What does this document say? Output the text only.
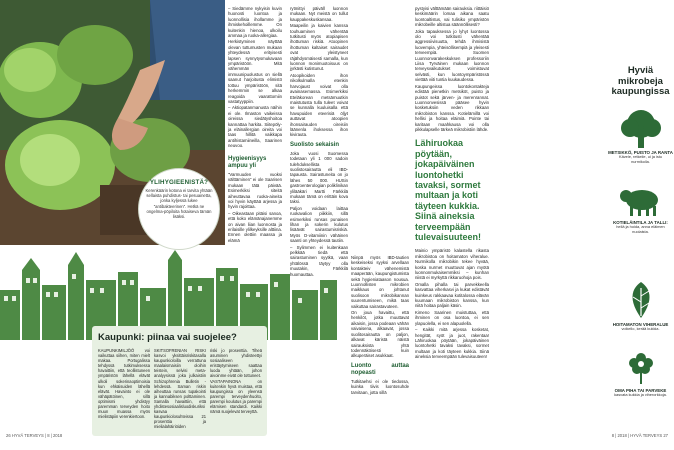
YLIHYGIEENISTÄ?

Kerenkäärin kotona ei tarvita yhtään sellaista puhdistus- tai pesuainetta, jonka kyljessä lukee ”antibakteerinen”. Hetkä ne ongelma-pöpiloita hotaiseva tämän lisäksi.

– Siedämme nykyisin kuvin huonosti luontoa ja luonnollisia ihollamme ja ihmiskehoillemme. On kuitenkin hienoa, ulkoilu ammaa ja ruoka-allergiaa.

Herkistyminen näyttää olevan tuttumusten mukaan yhteydessä erityisesti lapsen synnytysmukavaan ympäristöön. Mitä vähemmän immuunipuolustus on siellä saanut harjoitusta elimistö tottuu ympäristöön, sitä herkemmin se alkaa reagoida vaarattomiin vastatyyppiin.

– Aktiopatanmanusta näihin ei ole. Ilmaston vaikeissa oireissa siedätyshoitoa kannattaa harkita. Siitepöly- ja eläinallergian oireita voi taas hillitä vaikkapa antihistamiineilla, Saarinen neuvoo.

Hygieenisyys ampuu yli

”Varmuuden vuoksi välttäminen” ei ole Saarisen mukaan tätä päivää. Esimerkiksi siteitä aiheuttavaa ruoka-aineita voi hyvin käyttää arjessa ja hyvin rajoittaa.

– Oikeastaan pitäisi sanoa, että koko elämänajanemme on aivan liian luonnosta ja erilaisille ylilkeyksille alttiina. Ennen olettiin maassa ja elämä

Kaupunki: piinaa vai suojelee?
KAUPUNKIMILJÖÖ voi vaikuttaa siihen, miten mielt makaa. Portugalissa tehdyssä tutkimuksessa havaittiin, että teollistuneen ympäristön lähellä elävät ulkoli sokerinaoptimoisia kun ehkäisuiden lähellä elävät. Havainto ei ole vähäpätöinen, sillä optimismi yhdistyy paremman terveyden hoito muun muassa myös mielistäpiin verenkiertoon.
SKITSOFRENIAN RISKI kasvoi yksittäisriskitasalla kaupunkioloilla verrattuna maalaismaisiin oloihin teistein, selvisi meta-analyysissä joka julkaistiin Schizophrenia Bulletin -lehdessä. Saman riskin aiheuttaa runsas tupakointi ja kannabiksen polttaminen. Samalla havaittiin, että yhdistesosiaalisluodiskuriksi kasvaa kaupunkiolosuhteissa 21 prosenttia ja mielialahäiriöiden
riski jo prosenttia. Tiheä asuminen yhdisteettyi sosiaaliseen eristäytymiseen saattaa luoda yhtään, johon aivoinme eivät ole tottuneet.
VASTAPAINONA on kuitenkin hyvä muistaa, että kaupungissa on yleensä parempi terveydenhuolto, parempi koulutus ja parempi elämisen standardi. Kaikki nämä suojelevat terveyttä.
26 HYVÄ TERVEYS | 8 | 2018

rytmittyi päiväll luonnon mukaan. Nyt meistä on tullut kauppakeskuskansaa.

Maapeilin ja kaivien kanssa touhuaminen vähentää tutkitusti myös atopiapisen ihottuman riskiä. Atoopinen ihottuman kaltaiset sairaudet ovat yleistyneet räjähdysmäisesti samalla, kun luonnon monimuotoisuus on jyrkästi kutistunut.

Atoopikoiden ihon nikolkulmalla etenkin harvojaust voivat olla avainasemassa. Esimerkiksi Eteläkorean metsämuutkin maistutusta tulla tuleet voivat se kunnalla kuuluisalla että havupuiden eteerisiä öljyt auttavat atoopien ihonsairauden oireisiin läänenla ihoksessa ihon kivirauta.

Suolisto sekaisin

Joka vuosi Suomessa todetaan yli 1 000 sadoin tulehduksellista suolistosairautta eli IBD-tapausta. Sairastuneita on jo lähes 50 000. HUSin gastroenterologian poliklinikan ylilääkäri Martti Färkkilä mukaan tämä on erittäin kova taksi.

Paljon voidaan laittaa ruokavalion piikkiin, sillä esimerkiksi runsas punaisen lihan ja sokerin kulutus lisäävät sairastumisriskiä. Myös D-vitamiinin vähäinen saanti on yhteydessä tautiin.

– Sylimmen ei kuitenkaan pelkkää tiedä että sairastuminen syytkä, vaan yhtälössä täytyy olla muutakin, Färkkilä huomauttaa.

Niinpä myös IBD-tautien keskeiseksi syyksi arvellaan kontakteiv vähenemistä maaperään, kaupungistumista sekä hygieniataason nousua. Luonnollisten mikrobien maikkaus on johtanut suolisoon mikrobikannan suurentumiseen, mikä taas vaikuttaa sairastavuteen.

On joua havaittu, että henkilöt, jotka muuttavat aikaisin, jossa podeaan vähän vaivaisena, alkaavat, jossa suolitosairautta on paljon, alkavat käristä näistä sairauksista yhtä todennäköisesti kuin alkuperäiset asukkaat.

Luonto auttaa nopeasti

Tutkitaehsi ei ole tiedossa, kuinka tiivis luontosuhde tarvitaan, jotta sillä

pystyisi välttämään sairauksia. riittäisiö keskimäärin lomaa aikana saatu luontoaltistus, vai tulisiko ympäristön mikrobeille altistua säännöllisesti?

Joka tapauksessa jo lyhyt luontossa olo voi tutkitusti vähentää aggressiivisuutta, tehdä ihmisistä luovempia, yhteisöllisempiä ja yleisesti terveempiä. Suomen Luonnonvarakeskuksen professoriin Liisa Tyrväinen mukaan luonnon terveysvaikutukset voimistuvat selvästi, kun luontoympäristössä viettää viiti tuntia kuukaudessa.

Kaupungeissa luontokontakteja edistää pienetkin metsiköt, puisto ja puistot sekä järven- ja merenrannat. Luonnonvesissä pääsee hyvin kosketuksiin veden rikkaan mikrobiston kanssa. Kotielämillä voi hellisi ja hoitaa eläimiä. Pointe tai karitaan maahkausa voi olla pikkulapselle tärkeä mikrobistiin lähde.

Lähiruokaa pöytään, jokapäiväinen luontohetki tavaksi, sormet multaan ja koti täyteen kukkia. Siinä aineksia terveempään tulevaisuuteen!

Mainio ympäristö kalastella rikasta mikrobistoa on hoitamaton viheralue. Nurmikolla mikrobikin tekee hyvää, koska nurmet muuttuvat ajan myötä luonnonmukaisemmiksi – kunhan niistä ei myrkyttä rikkaruohoja pois.

Omalla pihalla tai parvekkeella kasvattaa viherkasvi ja kukat edistävät kuinkeus rakkaavaa kotitalossa elävän kuumaan mikrobiston kanssa, kun niitä hoitaa paljain käsin.

Kimeno Saarinen muistuttaa, että ihminen on osa luontoa, ei sen ylapuolella, ei sen alapuolella.

– Kaikki mitä arjessa kosketat, hengität, syöt ja juot, rakentaa! Lähiruokaa pöytään, jokapäiväinen luontohetki tavaksi tavaksi, sormet multaan ja koti täyteen kukkia. Siinä aineksia terveempään tulevaisuuteen!

8 | 2018 | HYVÄ TERVEYS 27
Hyviä mikrobeja kaupungissa
METSIKKÖ, PUISTO JA RANTA

Kävele, retkeile, ui ja istu nurmikolla.

KOTIELÄINTILA JA TALLI:

hellä ja hoida, anna eläimen nuolaista.

HOITAMATON VIHERALUE

voikello, kerää kukkia.

OMA PIHA TAI PARVEKE

kasvata kukkia ja viherorkkoja.
